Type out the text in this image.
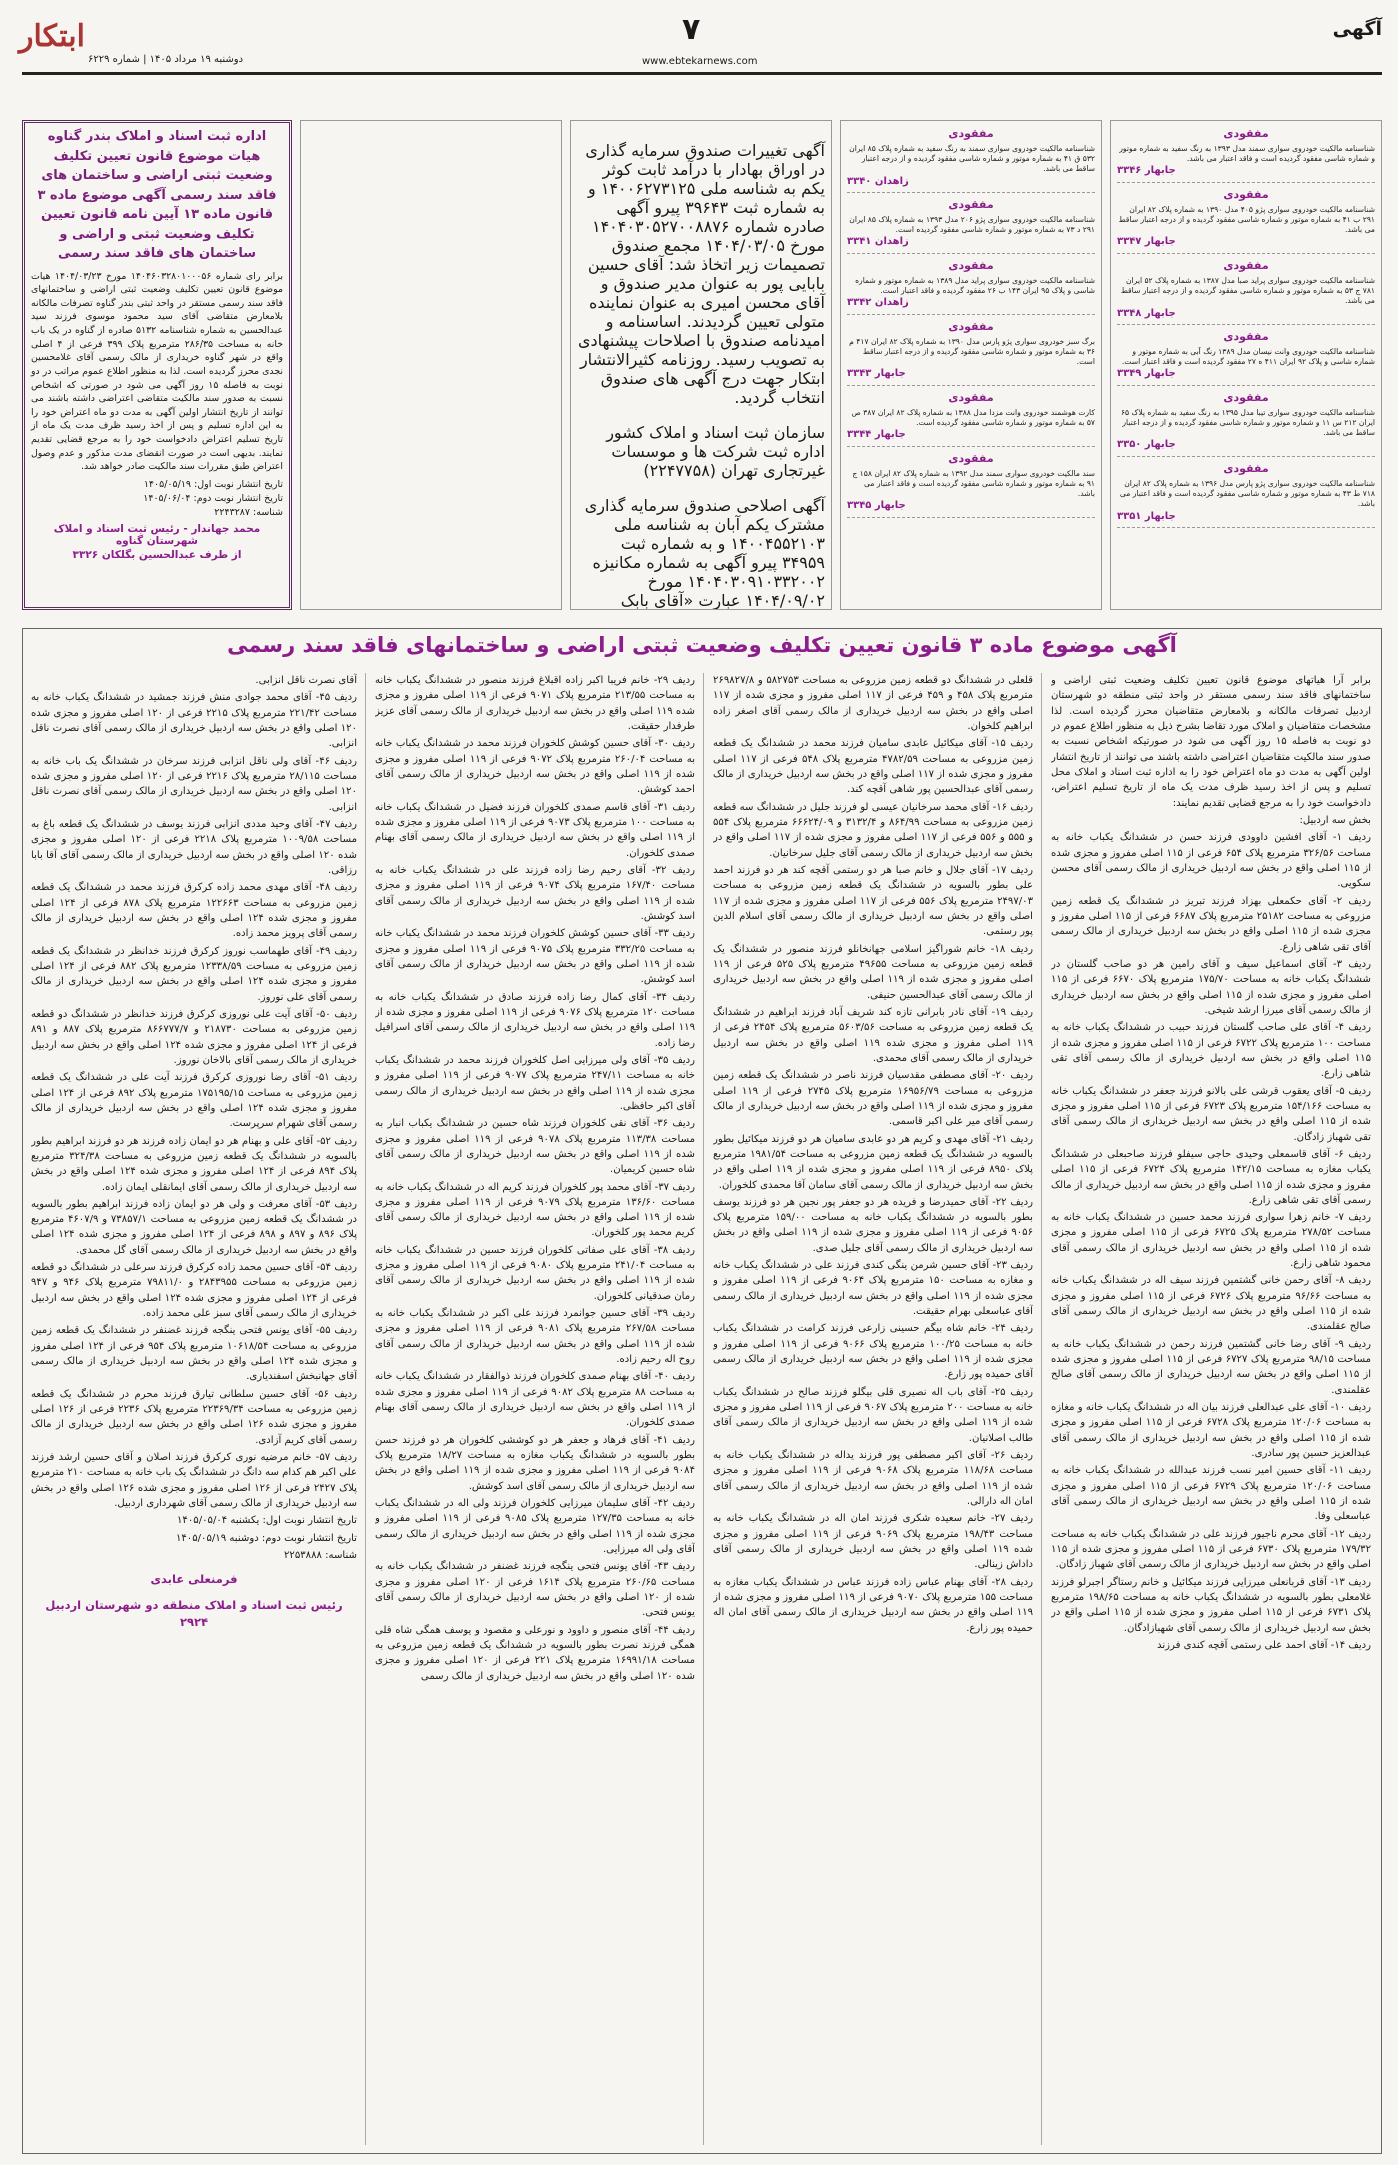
آگهی
۷
www.ebtekarnews.com
ابتکار
دوشنبه ۱۹ مرداد ۱۴۰۵ | شماره ۶۲۲۹
مفقودی
شناسنامه مالکیت خودروی سواری سمند مدل ۱۳۹۳ به رنگ سفید به شماره موتور و شماره شاسی مفقود گردیده است و فاقد اعتبار می باشد.
جابهار ۳۳۴۶
مفقودی
شناسنامه مالکیت خودروی سواری پژو ۴۰۵ مدل ۱۳۹۰ به شماره پلاک ۸۲ ایران ۲۹۱ ب ۴۱ به شماره موتور و شماره شاسی مفقود گردیده و از درجه اعتبار ساقط می باشد.
جابهار ۳۳۴۷
مفقودی
شناسنامه مالکیت خودروی سواری پراید صبا مدل ۱۳۸۷ به شماره پلاک ۵۲ ایران ۷۸۱ ج ۵۳ به شماره موتور و شماره شاسی مفقود گردیده و از درجه اعتبار ساقط می باشد.
جابهار ۳۳۴۸
مفقودی
شناسنامه مالکیت خودروی وانت نیسان مدل ۱۳۸۹ رنگ آبی به شماره موتور و شماره شاسی و پلاک ۹۲ ایران ۴۱۱ ه ۲۷ مفقود گردیده است و فاقد اعتبار است.
جابهار ۳۳۴۹
مفقودی
شناسنامه مالکیت خودروی سواری تیبا مدل ۱۳۹۵ به رنگ سفید به شماره پلاک ۶۵ ایران ۲۱۲ س ۱۱ و شماره موتور و شماره شاسی مفقود گردیده و از درجه اعتبار ساقط می باشد.
جابهار ۳۳۵۰
مفقودی
شناسنامه مالکیت خودروی سواری پژو پارس مدل ۱۳۹۶ به شماره پلاک ۸۲ ایران ۷۱۸ ط ۴۳ به شماره موتور و شماره شاسی مفقود گردیده است و فاقد اعتبار می باشد.
جابهار ۳۳۵۱
مفقودی
شناسنامه مالکیت خودروی سواری سمند به رنگ سفید به شماره پلاک ۸۵ ایران ۵۳۲ ق ۴۱ به شماره موتور و شماره شاسی مفقود گردیده و از درجه اعتبار ساقط می باشد.
زاهدان ۳۳۴۰
مفقودی
شناسنامه مالکیت خودروی سواری پژو ۲۰۶ مدل ۱۳۹۳ به شماره پلاک ۸۵ ایران ۲۹۱ د ۷۳ به شماره موتور و شماره شاسی مفقود گردیده است.
زاهدان ۳۳۴۱
مفقودی
شناسنامه مالکیت خودروی سواری پراید مدل ۱۳۸۹ به شماره موتور و شماره شاسی و پلاک ۹۵ ایران ۱۴۳ ب ۲۶ مفقود گردیده و فاقد اعتبار است.
زاهدان ۳۳۴۲
مفقودی
برگ سبز خودروی سواری پژو پارس مدل ۱۳۹۰ به شماره پلاک ۸۲ ایران ۴۱۷ م ۳۶ به شماره موتور و شماره شاسی مفقود گردیده و از درجه اعتبار ساقط است.
جابهار ۳۳۴۳
مفقودی
کارت هوشمند خودروی وانت مزدا مدل ۱۳۸۸ به شماره پلاک ۸۲ ایران ۳۸۷ ص ۵۷ به شماره موتور و شماره شاسی مفقود گردیده است.
جابهار ۳۳۴۴
مفقودی
سند مالکیت خودروی سواری سمند مدل ۱۳۹۲ به شماره پلاک ۸۲ ایران ۱۵۸ ج ۹۱ به شماره موتور و شماره شاسی مفقود گردیده است و فاقد اعتبار می باشد.
جابهار ۳۳۴۵

آگهی تغییرات صندوق سرمایه گذاری در اوراق بهادار با درآمد ثابت کوثر یکم به شناسه ملی ۱۴۰۰۶۲۷۳۱۲۵ و به شماره ثبت ۳۹۶۴۳ پیرو آگهی صادره شماره ۱۴۰۴۰۳۰۵۲۷۰۰۸۸۷۶ مورخ ۱۴۰۴/۰۳/۰۵ مجمع صندوق تصمیمات زیر اتخاذ شد: آقای حسین بابایی پور به عنوان مدیر صندوق و آقای محسن امیری به عنوان نماینده متولی تعیین گردیدند. اساسنامه و امیدنامه صندوق با اصلاحات پیشنهادی به تصویب رسید. روزنامه کثیرالانتشار ابتکار جهت درج آگهی های صندوق انتخاب گردید.

سازمان ثبت اسناد و املاک کشور
اداره ثبت شرکت ها و موسسات غیرتجاری تهران (۲۲۴۷۷۵۸)

آگهی اصلاحی صندوق سرمایه گذاری مشترک یکم آبان به شناسه ملی ۱۴۰۰۴۵۵۲۱۰۳ و به شماره ثبت ۳۴۹۵۹ پیرو آگهی به شماره مکانیزه ۱۴۰۴۰۳۰۹۱۰۳۳۲۰۰۲ مورخ ۱۴۰۴/۰۹/۰۲ عبارت «آقای بابک

اداره ثبت اسناد و املاک بندر گناوه هیات موضوع قانون تعیین تکلیف وضعیت ثبتی اراضی و ساختمان های فاقد سند رسمی آگهی موضوع ماده ۳ قانون ماده ۱۳ آیین نامه قانون تعیین تکلیف وضعیت ثبتی و اراضی و ساختمان های فاقد سند رسمی

برابر رای شماره ۱۴۰۴۶۰۳۲۸۰۱۰۰۰۵۶ مورخ ۱۴۰۴/۰۳/۲۳ هیات موضوع قانون تعیین تکلیف وضعیت ثبتی اراضی و ساختمانهای فاقد سند رسمی مستقر در واحد ثبتی بندر گناوه تصرفات مالکانه بلامعارض متقاضی آقای سید محمود موسوی فرزند سید عبدالحسین به شماره شناسنامه ۵۱۳۲ صادره از گناوه در یک باب خانه به مساحت ۲۸۶/۳۵ مترمربع پلاک ۳۹۹ فرعی از ۴ اصلی واقع در شهر گناوه خریداری از مالک رسمی آقای غلامحسین نجدی محرز گردیده است. لذا به منظور اطلاع عموم مراتب در دو نوبت به فاصله ۱۵ روز آگهی می شود در صورتی که اشخاص نسبت به صدور سند مالکیت متقاضی اعتراضی داشته باشند می توانند از تاریخ انتشار اولین آگهی به مدت دو ماه اعتراض خود را به این اداره تسلیم و پس از اخذ رسید ظرف مدت یک ماه از تاریخ تسلیم اعتراض دادخواست خود را به مرجع قضایی تقدیم نمایند. بدیهی است در صورت انقضای مدت مذکور و عدم وصول اعتراض طبق مقررات سند مالکیت صادر خواهد شد.

تاریخ انتشار نوبت اول: ۱۴۰۵/۰۵/۱۹
تاریخ انتشار نوبت دوم: ۱۴۰۵/۰۶/۰۴
شناسه: ۲۲۴۳۲۸۷
محمد جهاندار - رئیس ثبت اسناد و املاک شهرستان گناوه
از طرف عبدالحسین بگلکان ۳۳۲۶
آگهی موضوع ماده ۳ قانون تعیین تکلیف وضعیت ثبتی اراضی و ساختمانهای فاقد سند رسمی

برابر آرا هیاتهای موضوع قانون تعیین تکلیف وضعیت ثبتی اراضی و ساختمانهای فاقد سند رسمی مستقر در واحد ثبتی منطقه دو شهرستان اردبیل تصرفات مالکانه و بلامعارض متقاضیان محرز گردیده است. لذا مشخصات متقاضیان و املاک مورد تقاضا بشرح ذیل به منظور اطلاع عموم در دو نوبت به فاصله ۱۵ روز آگهی می شود در صورتیکه اشخاص نسبت به صدور سند مالکیت متقاضیان اعتراضی داشته باشند می توانند از تاریخ انتشار اولین آگهی به مدت دو ماه اعتراض خود را به اداره ثبت اسناد و املاک محل تسلیم و پس از اخذ رسید ظرف مدت یک ماه از تاریخ تسلیم اعتراض، دادخواست خود را به مرجع قضایی تقدیم نمایند:

بخش سه اردبیل:

ردیف ۱- آقای افشین داوودی فرزند حسن در ششدانگ یکباب خانه به مساحت ۳۲۶/۵۶ مترمربع پلاک ۶۵۴ فرعی از ۱۱۵ اصلی مفروز و مجزی شده از ۱۱۵ اصلی واقع در بخش سه اردبیل خریداری از مالک رسمی آقای محسن سکویی.

ردیف ۲- آقای حکمعلی بهزاد فرزند تبریز در ششدانگ یک قطعه زمین مزروعی به مساحت ۲۵۱۸۲ مترمربع پلاک ۶۶۸۷ فرعی از ۱۱۵ اصلی مفروز و مجزی شده از ۱۱۵ اصلی واقع در بخش سه اردبیل خریداری از مالک رسمی آقای تقی شاهی زارع.

ردیف ۳- آقای اسماعیل سیف و آقای رامین هر دو صاحب گلستان در ششدانگ یکباب خانه به مساحت ۱۷۵/۷۰ مترمربع پلاک ۶۶۷۰ فرعی از ۱۱۵ اصلی مفروز و مجزی شده از ۱۱۵ اصلی واقع در بخش سه اردبیل خریداری از مالک رسمی آقای میرزا ارشد شیخی.

ردیف ۴- آقای علی صاحب گلستان فرزند حبیب در ششدانگ یکباب خانه به مساحت ۱۰۰ مترمربع پلاک ۶۷۲۲ فرعی از ۱۱۵ اصلی مفروز و مجزی شده از ۱۱۵ اصلی واقع در بخش سه اردبیل خریداری از مالک رسمی آقای تقی شاهی زارع.

ردیف ۵- آقای یعقوب قرشی علی بالانو فرزند جعفر در ششدانگ یکباب خانه به مساحت ۱۵۴/۱۶۶ مترمربع پلاک ۶۷۲۳ فرعی از ۱۱۵ اصلی مفروز و مجزی شده از ۱۱۵ اصلی واقع در بخش سه اردبیل خریداری از مالک رسمی آقای تقی شهباز زادگان.

ردیف ۶- آقای قاسمعلی وحیدی حاجی سیفلو فرزند صاحبعلی در ششدانگ یکباب مغازه به مساحت ۱۴۲/۱۵ مترمربع پلاک ۶۷۲۴ فرعی از ۱۱۵ اصلی مفروز و مجزی شده از ۱۱۵ اصلی واقع در بخش سه اردبیل خریداری از مالک رسمی آقای تقی شاهی زارع.

ردیف ۷- خانم زهرا سواری فرزند محمد حسین در ششدانگ یکباب خانه به مساحت ۲۷۸/۵۲ مترمربع پلاک ۶۷۲۵ فرعی از ۱۱۵ اصلی مفروز و مجزی شده از ۱۱۵ اصلی واقع در بخش سه اردبیل خریداری از مالک رسمی آقای محمود شاهی زارع.

ردیف ۸- آقای رحمن خانی گشتمین فرزند سیف اله در ششدانگ یکباب خانه به مساحت ۹۶/۶۶ مترمربع پلاک ۶۷۲۶ فرعی از ۱۱۵ اصلی مفروز و مجزی شده از ۱۱۵ اصلی واقع در بخش سه اردبیل خریداری از مالک رسمی آقای صالح عقلمندی.

ردیف ۹- آقای رضا خانی گشتمین فرزند رحمن در ششدانگ یکباب خانه به مساحت ۹۸/۱۵ مترمربع پلاک ۶۷۲۷ فرعی از ۱۱۵ اصلی مفروز و مجزی شده از ۱۱۵ اصلی واقع در بخش سه اردبیل خریداری از مالک رسمی آقای صالح عقلمندی.

ردیف ۱۰- آقای علی عبدالعلی فرزند بیان اله در ششدانگ یکباب خانه و مغازه به مساحت ۱۲۰/۰۶ مترمربع پلاک ۶۷۲۸ فرعی از ۱۱۵ اصلی مفروز و مجزی شده از ۱۱۵ اصلی واقع در بخش سه اردبیل خریداری از مالک رسمی آقای عبدالعزیز حسین پور سادری.

ردیف ۱۱- آقای حسین امیر نسب فرزند عبدالله در ششدانگ یکباب خانه به مساحت ۱۲۰/۰۶ مترمربع پلاک ۶۷۲۹ فرعی از ۱۱۵ اصلی مفروز و مجزی شده از ۱۱۵ اصلی واقع در بخش سه اردبیل خریداری از مالک رسمی آقای عباسعلی وفا.

ردیف ۱۲- آقای محرم ناجیور فرزند علی در ششدانگ یکباب خانه به مساحت ۱۷۹/۳۲ مترمربع پلاک ۶۷۳۰ فرعی از ۱۱۵ اصلی مفروز و مجزی شده از ۱۱۵ اصلی واقع در بخش سه اردبیل خریداری از مالک رسمی آقای شهباز زادگان.

ردیف ۱۳- آقای قربانعلی میرزایی فرزند میکائیل و خانم رستاگر اجبرلو فرزند غلامعلی بطور بالسویه در ششدانگ یکباب خانه به مساحت ۱۹۸/۶۵ مترمربع پلاک ۶۷۳۱ فرعی از ۱۱۵ اصلی مفروز و مجزی شده از ۱۱۵ اصلی واقع در بخش سه اردبیل خریداری از مالک رسمی آقای شهبازادگان.

ردیف ۱۴- آقای احمد علی رستمی آقچه کندی فرزند

قلعلی در ششدانگ دو قطعه زمین مزروعی به مساحت ۵۸۲۷۵۳ و ۲۶۹۸۲۷/۸ مترمربع پلاک ۴۵۸ و ۴۵۹ فرعی از ۱۱۷ اصلی مفروز و مجزی شده از ۱۱۷ اصلی واقع در بخش سه اردبیل خریداری از مالک رسمی آقای اصغر زاده ابراهیم کلخوان.

ردیف ۱۵- آقای میکائیل عابدی سامیان فرزند محمد در ششدانگ یک قطعه زمین مزروعی به مساحت ۴۷۸۲/۵۹ مترمربع پلاک ۵۴۸ فرعی از ۱۱۷ اصلی مفروز و مجزی شده از ۱۱۷ اصلی واقع در بخش سه اردبیل خریداری از مالک رسمی آقای عبدالحسین پور شاهی آقچه کند.

ردیف ۱۶- آقای محمد سرخانیان عیسی لو فرزند جلیل در ششدانگ سه قطعه زمین مزروعی به مساحت ۸۶۴/۹۹ و ۳۱۳۲/۴ و ۶۶۶۲۴/۰۹ مترمربع پلاک ۵۵۴ و ۵۵۵ و ۵۵۶ فرعی از ۱۱۷ اصلی مفروز و مجزی شده از ۱۱۷ اصلی واقع در بخش سه اردبیل خریداری از مالک رسمی آقای جلیل سرخانیان.

ردیف ۱۷- آقای جلال و خانم صبا هر دو رستمی آقچه کند هر دو فرزند احمد علی بطور بالسویه در ششدانگ یک قطعه زمین مزروعی به مساحت ۲۴۹۷/۰۳ مترمربع پلاک ۵۵۶ فرعی از ۱۱۷ اصلی مفروز و مجزی شده از ۱۱۷ اصلی واقع در بخش سه اردبیل خریداری از مالک رسمی آقای اسلام الدین پور رستمی.

ردیف ۱۸- خانم شوراگیز اسلامی جهانخانلو فرزند منصور در ششدانگ یک قطعه زمین مزروعی به مساحت ۴۹۶۵۵ مترمربع پلاک ۵۲۵ فرعی از ۱۱۹ اصلی مفروز و مجزی شده از ۱۱۹ اصلی واقع در بخش سه اردبیل خریداری از مالک رسمی آقای عبدالحسین حنیفی.

ردیف ۱۹- آقای نادر بابرانی تازه کند شریف آباد فرزند ابراهیم در ششدانگ یک قطعه زمین مزروعی به مساحت ۵۶۰۳/۵۶ مترمربع پلاک ۲۴۵۴ فرعی از ۱۱۹ اصلی مفروز و مجزی شده ۱۱۹ اصلی واقع در بخش سه اردبیل خریداری از مالک رسمی آقای محمدی.

ردیف ۲۰- آقای مصطفی مقدسیان فرزند ناصر در ششدانگ یک قطعه زمین مزروعی به مساحت ۱۶۹۵۶/۷۹ مترمربع پلاک ۲۷۴۵ فرعی از ۱۱۹ اصلی مفروز و مجزی شده از ۱۱۹ اصلی واقع در بخش سه اردبیل خریداری از مالک رسمی آقای میر علی اکبر قاسمی.

ردیف ۲۱- آقای مهدی و کریم هر دو عابدی سامیان هر دو فرزند میکائیل بطور بالسویه در ششدانگ یک قطعه زمین مزروعی به مساحت ۱۹۸۱/۵۴ مترمربع پلاک ۸۹۵۰ فرعی از ۱۱۹ اصلی مفروز و مجزی شده از ۱۱۹ اصلی واقع در بخش سه اردبیل خریداری از مالک رسمی آقای سامان آقا محمدی کلخوران.

ردیف ۲۲- آقای حمیدرضا و فریده هر دو جعفر پور نجین هر دو فرزند یوسف بطور بالسویه در ششدانگ یکباب خانه به مساحت ۱۵۹/۰۰ مترمربع پلاک ۹۰۵۶ فرعی از ۱۱۹ اصلی مفروز و مجزی شده از ۱۱۹ اصلی واقع در بخش سه اردبیل خریداری از مالک رسمی آقای جلیل صدی.

ردیف ۲۳- آقای حسین شرمن ینگی کندی فرزند علی در ششدانگ یکباب خانه و مغازه به مساحت ۱۵۰ مترمربع پلاک ۹۰۶۴ فرعی از ۱۱۹ اصلی مفروز و مجزی شده از ۱۱۹ اصلی واقع در بخش سه اردبیل خریداری از مالک رسمی آقای عباسعلی بهرام حقیقت.

ردیف ۲۴- خانم شاه بیگم حسینی زارعی فرزند کرامت در ششدانگ یکباب خانه به مساحت ۱۰۰/۲۵ مترمربع پلاک ۹۰۶۶ فرعی از ۱۱۹ اصلی مفروز و مجزی شده از ۱۱۹ اصلی واقع در بخش سه اردبیل خریداری از مالک رسمی آقای حمیده پور زارع.

ردیف ۲۵- آقای باب اله نصیری قلی بیگلو فرزند صالح در ششدانگ یکباب خانه به مساحت ۲۰۰ مترمربع پلاک ۹۰۶۷ فرعی از ۱۱۹ اصلی مفروز و مجزی شده از ۱۱۹ اصلی واقع در بخش سه اردبیل خریداری از مالک رسمی آقای طالب اصلانیان.

ردیف ۲۶- آقای اکبر مصطفی پور فرزند یداله در ششدانگ یکباب خانه به مساحت ۱۱۸/۶۸ مترمربع پلاک ۹۰۶۸ فرعی از ۱۱۹ اصلی مفروز و مجزی شده از ۱۱۹ اصلی واقع در بخش سه اردبیل خریداری از مالک رسمی آقای امان اله دارالی.

ردیف ۲۷- خانم سعیده شکری فرزند امان اله در ششدانگ یکباب خانه به مساحت ۱۹۸/۴۳ مترمربع پلاک ۹۰۶۹ فرعی از ۱۱۹ اصلی مفروز و مجزی شده ۱۱۹ اصلی واقع در بخش سه اردبیل خریداری از مالک رسمی آقای داداش زینالی.

ردیف ۲۸- آقای بهنام عباس زاده فرزند عباس در ششدانگ یکباب مغازه به مساحت ۱۵۵ مترمربع پلاک ۹۰۷۰ فرعی از ۱۱۹ اصلی مفروز و مجزی شده از ۱۱۹ اصلی واقع در بخش سه اردبیل خریداری از مالک رسمی آقای امان اله حمیده پور زارع.

ردیف ۲۹- خانم فریبا اکبر زاده اقبلاغ فرزند منصور در ششدانگ یکباب خانه به مساحت ۲۱۳/۵۵ مترمربع پلاک ۹۰۷۱ فرعی از ۱۱۹ اصلی مفروز و مجزی شده ۱۱۹ اصلی واقع در بخش سه اردبیل خریداری از مالک رسمی آقای عزیز طرفدار حقیقت.

ردیف ۳۰- آقای حسین کوشش کلخوران فرزند محمد در ششدانگ یکباب خانه به مساحت ۲۶۰/۰۴ مترمربع پلاک ۹۰۷۲ فرعی از ۱۱۹ اصلی مفروز و مجزی شده از ۱۱۹ اصلی واقع در بخش سه اردبیل خریداری از مالک رسمی آقای احمد کوشش.

ردیف ۳۱- آقای قاسم صمدی کلخوران فرزند فضیل در ششدانگ یکباب خانه به مساحت ۱۰۰ مترمربع پلاک ۹۰۷۳ فرعی از ۱۱۹ اصلی مفروز و مجزی شده از ۱۱۹ اصلی واقع در بخش سه اردبیل خریداری از مالک رسمی آقای بهنام صمدی کلخوران.

ردیف ۳۲- آقای رحیم رضا زاده فرزند علی در ششدانگ یکباب خانه به مساحت ۱۶۷/۴۰ مترمربع پلاک ۹۰۷۴ فرعی از ۱۱۹ اصلی مفروز و مجزی شده از ۱۱۹ اصلی واقع در بخش سه اردبیل خریداری از مالک رسمی آقای اسد کوشش.

ردیف ۳۳- آقای حسین کوشش کلخوران فرزند محمد در ششدانگ یکباب خانه به مساحت ۳۳۲/۲۵ مترمربع پلاک ۹۰۷۵ فرعی از ۱۱۹ اصلی مفروز و مجزی شده از ۱۱۹ اصلی واقع در بخش سه اردبیل خریداری از مالک رسمی آقای اسد کوشش.

ردیف ۳۴- آقای کمال رضا زاده فرزند صادق در ششدانگ یکباب خانه به مساحت ۱۲۰ مترمربع پلاک ۹۰۷۶ فرعی از ۱۱۹ اصلی مفروز و مجزی شده از ۱۱۹ اصلی واقع در بخش سه اردبیل خریداری از مالک رسمی آقای اسرافیل رضا زاده.

ردیف ۳۵- آقای ولی میرزایی اصل کلخوران فرزند محمد در ششدانگ یکباب خانه به مساحت ۲۴۷/۱۱ مترمربع پلاک ۹۰۷۷ فرعی از ۱۱۹ اصلی مفروز و مجزی شده از ۱۱۹ اصلی واقع در بخش سه اردبیل خریداری از مالک رسمی آقای اکبر حافظی.

ردیف ۳۶- آقای نقی کلخوران فرزند شاه حسین در ششدانگ یکباب انبار به مساحت ۱۱۳/۳۸ مترمربع پلاک ۹۰۷۸ فرعی از ۱۱۹ اصلی مفروز و مجزی شده از ۱۱۹ اصلی واقع در بخش سه اردبیل خریداری از مالک رسمی آقای شاه حسین کریمیان.

ردیف ۳۷- آقای محمد پور کلخوران فرزند کریم اله در ششدانگ یکباب خانه به مساحت ۱۳۶/۶۰ مترمربع پلاک ۹۰۷۹ فرعی از ۱۱۹ اصلی مفروز و مجزی شده از ۱۱۹ اصلی واقع در بخش سه اردبیل خریداری از مالک رسمی آقای کریم محمد پور کلخوران.

ردیف ۳۸- آقای علی صفاتی کلخوران فرزند حسین در ششدانگ یکباب خانه به مساحت ۲۴۱/۰۴ مترمربع پلاک ۹۰۸۰ فرعی از ۱۱۹ اصلی مفروز و مجزی شده از ۱۱۹ اصلی واقع در بخش سه اردبیل خریداری از مالک رسمی آقای رمان صدقیانی کلخوران.

ردیف ۳۹- آقای حسین جوانمرد فرزند علی اکبر در ششدانگ یکباب خانه به مساحت ۲۶۷/۵۸ مترمربع پلاک ۹۰۸۱ فرعی از ۱۱۹ اصلی مفروز و مجزی شده از ۱۱۹ اصلی واقع در بخش سه اردبیل خریداری از مالک رسمی آقای روح اله رحیم زاده.

ردیف ۴۰- آقای بهنام صمدی کلخوران فرزند ذوالفقار در ششدانگ یکباب خانه به مساحت ۸۸ مترمربع پلاک ۹۰۸۲ فرعی از ۱۱۹ اصلی مفروز و مجزی شده از ۱۱۹ اصلی واقع در بخش سه اردبیل خریداری از مالک رسمی آقای بهنام صمدی کلخوران.

ردیف ۴۱- آقای فرهاد و جعفر هر دو کوششی کلخوران هر دو فرزند حسن بطور بالسویه در ششدانگ یکباب مغازه به مساحت ۱۸/۲۷ مترمربع پلاک ۹۰۸۴ فرعی از ۱۱۹ اصلی مفروز و مجزی شده از ۱۱۹ اصلی واقع در بخش سه اردبیل خریداری از مالک رسمی آقای اسد کوشش.

ردیف ۴۲- آقای سلیمان میرزایی کلخوران فرزند ولی اله در ششدانگ یکباب خانه به مساحت ۱۲۷/۳۵ مترمربع پلاک ۹۰۸۵ فرعی از ۱۱۹ اصلی مفروز و مجزی شده از ۱۱۹ اصلی واقع در بخش سه اردبیل خریداری از مالک رسمی آقای ولی اله میرزایی.

ردیف ۴۳- آقای یونس فتحی ینگجه فرزند غضنفر در ششدانگ یکباب خانه به مساحت ۲۶۰/۶۵ مترمربع پلاک ۱۶۱۴ فرعی از ۱۲۰ اصلی مفروز و مجزی شده از ۱۲۰ اصلی واقع در بخش سه اردبیل خریداری از مالک رسمی آقای یونس فتحی.

ردیف ۴۴- آقای منصور و داوود و نورعلی و مقصود و یوسف همگی شاه قلی همگی فرزند نصرت بطور بالسویه در ششدانگ یک قطعه زمین مزروعی به مساحت ۱۶۹۹۱/۱۸ مترمربع پلاک ۲۲۱ فرعی از ۱۲۰ اصلی مفروز و مجزی شده ۱۲۰ اصلی واقع در بخش سه اردبیل خریداری از مالک رسمی

آقای نصرت ناقل انزابی.

ردیف ۴۵- آقای محمد جوادی منش فرزند جمشید در ششدانگ یکباب خانه به مساحت ۲۲۱/۴۲ مترمربع پلاک ۲۲۱۵ فرعی از ۱۲۰ اصلی مفروز و مجزی شده ۱۲۰ اصلی واقع در بخش سه اردبیل خریداری از مالک رسمی آقای نصرت ناقل انزابی.

ردیف ۴۶- آقای ولی ناقل انزابی فرزند سرخان در ششدانگ یک باب خانه به مساحت ۲۸/۱۱۵ مترمربع پلاک ۲۲۱۶ فرعی از ۱۲۰ اصلی مفروز و مجزی شده ۱۲۰ اصلی واقع در بخش سه اردبیل خریداری از مالک رسمی آقای نصرت ناقل انزابی.

ردیف ۴۷- آقای وحید مددی انزابی فرزند یوسف در ششدانگ یک قطعه باغ به مساحت ۱۰۰۹/۵۸ مترمربع پلاک ۲۲۱۸ فرعی از ۱۲۰ اصلی مفروز و مجزی شده ۱۲۰ اصلی واقع در بخش سه اردبیل خریداری از مالک رسمی آقای آقا بابا رزاقی.

ردیف ۴۸- آقای مهدی محمد زاده کرکرق فرزند محمد در ششدانگ یک قطعه زمین مزروعی به مساحت ۱۲۲۶۶۳ مترمربع پلاک ۸۷۸ فرعی از ۱۲۴ اصلی مفروز و مجزی شده ۱۲۴ اصلی واقع در بخش سه اردبیل خریداری از مالک رسمی آقای پرویز محمد زاده.

ردیف ۴۹- آقای طهماسب نوروز کرکرق فرزند خدانظر در ششدانگ یک قطعه زمین مزروعی به مساحت ۱۲۳۳۸/۵۹ مترمربع پلاک ۸۸۲ فرعی از ۱۲۴ اصلی مفروز و مجزی شده ۱۲۴ اصلی واقع در بخش سه اردبیل خریداری از مالک رسمی آقای علی نوروز.

ردیف ۵۰- آقای آیت علی نوروزی کرکرق فرزند خدانظر در ششدانگ دو قطعه زمین مزروعی به مساحت ۲۱۸۷۳۰ و ۸۶۶۷۷۷/۷ مترمربع پلاک ۸۸۷ و ۸۹۱ فرعی از ۱۲۴ اصلی مفروز و مجزی شده ۱۲۴ اصلی واقع در بخش سه اردبیل خریداری از مالک رسمی آقای بالاخان نوروز.

ردیف ۵۱- آقای رضا نوروزی کرکرق فرزند آیت علی در ششدانگ یک قطعه زمین مزروعی به مساحت ۱۷۵۱۹۵/۱۵ مترمربع پلاک ۸۹۲ فرعی از ۱۲۴ اصلی مفروز و مجزی شده ۱۲۴ اصلی واقع در بخش سه اردبیل خریداری از مالک رسمی آقای شهرام سرپرست.

ردیف ۵۲- آقای علی و بهنام هر دو ایمان زاده فرزند هر دو فرزند ابراهیم بطور بالسویه در ششدانگ یک قطعه زمین مزروعی به مساحت ۳۲۴/۳۸ مترمربع پلاک ۸۹۴ فرعی از ۱۲۴ اصلی مفروز و مجزی شده ۱۲۴ اصلی واقع در بخش سه اردبیل خریداری از مالک رسمی آقای ایمانقلی ایمان زاده.

ردیف ۵۳- آقای معرفت و ولی هر دو ایمان زاده فرزند ابراهیم بطور بالسویه در ششدانگ یک قطعه زمین مزروعی به مساحت ۷۳۸۵۷/۱ و ۴۶۰۷/۹ مترمربع پلاک ۸۹۶ و ۸۹۷ و ۸۹۸ فرعی از ۱۲۴ اصلی مفروز و مجزی شده ۱۲۴ اصلی واقع در بخش سه اردبیل خریداری از مالک رسمی آقای گل محمدی.

ردیف ۵۴- آقای حسین محمد زاده کرکرق فرزند سرعلی در ششدانگ دو قطعه زمین مزروعی به مساحت ۲۸۴۳۹۵۵ و ۷۹۸۱۱/۰ مترمربع پلاک ۹۴۶ و ۹۴۷ فرعی از ۱۲۴ اصلی مفروز و مجزی شده ۱۲۴ اصلی واقع در بخش سه اردبیل خریداری از مالک رسمی آقای سبز علی محمد زاده.

ردیف ۵۵- آقای یونس فتحی ینگجه فرزند غضنفر در ششدانگ یک قطعه زمین مزروعی به مساحت ۱۰۶۱۸/۵۴ مترمربع پلاک ۹۵۴ فرعی از ۱۲۴ اصلی مفروز و مجزی شده ۱۲۴ اصلی واقع در بخش سه اردبیل خریداری از مالک رسمی آقای جهانبخش اسفندیاری.

ردیف ۵۶- آقای حسین سلطانی تیارق فرزند محرم در ششدانگ یک قطعه زمین مزروعی به مساحت ۲۲۳۶۹/۳۴ مترمربع پلاک ۲۲۳۶ فرعی از ۱۲۶ اصلی مفروز و مجزی شده ۱۲۶ اصلی واقع در بخش سه اردبیل خریداری از مالک رسمی آقای کریم آزادی.

ردیف ۵۷- خانم مرضیه نوری کرکرق فرزند اصلان و آقای حسین ارشد فرزند علی اکبر هم کدام سه دانگ در ششدانگ یک باب خانه به مساحت ۲۱۰ مترمربع پلاک ۲۴۲۷ فرعی از ۱۲۶ اصلی مفروز و مجزی شده ۱۲۶ اصلی واقع در بخش سه اردبیل خریداری از مالک رسمی آقای شهرداری اردبیل.

تاریخ انتشار نوبت اول: یکشنبه ۱۴۰۵/۰۵/۰۴

تاریخ انتشار نوبت دوم: دوشنبه ۱۴۰۵/۰۵/۱۹

شناسه: ۲۲۵۳۸۸۸

فرمنعلی عابدی
رئیس ثبت اسناد و املاک منطقه دو شهرستان اردبیل ۲۹۲۴
